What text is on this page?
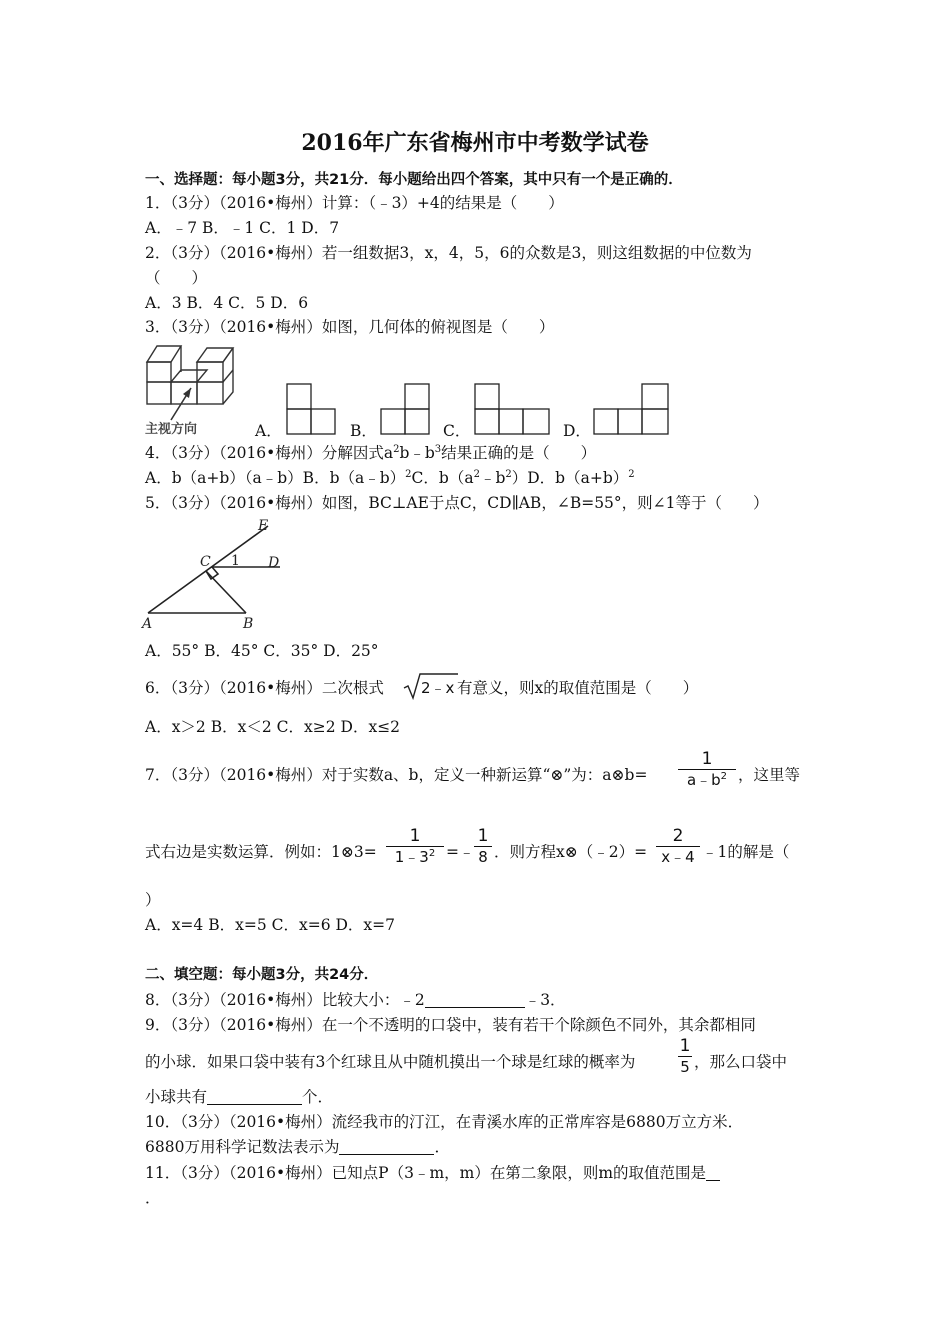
2016年广东省梅州市中考数学试卷
一、选择题：每小题3分，共21分．每小题给出四个答案，其中只有一个是正确的．
1．（3分）（2016•梅州）计算：（﹣3）+4的结果是（　　）
A．﹣7 B．﹣1 C．1 D．7
2．（3分）（2016•梅州）若一组数据3，x，4，5，6的众数是3，则这组数据的中位数为
（　　）
A．3 B．4 C．5 D．6
3．（3分）（2016•梅州）如图，几何体的俯视图是（　　）
主视方向	A．	B．	C．	D．
4．（3分）（2016•梅州）分解因式$a^2b﹣b^3$结果正确的是（　　）
A．b（a+b）（a﹣b）B．b（a﹣b）$^2$C．$b(a^2﹣b^2)D$．$b(a+b)^2$
5．（3分）（2016•梅州）如图，BC⊥AE于点C，CD∥AB，∠B=55°，则∠1等于（　　）
E
C	D
A	B
1
A．55° B．45° C．35° D．25°
6．（3分）（2016•梅州）二次根式 2﹣x 有意义，则x的取值范围是（　　）
A．x＞2 B．x＜2 C．x≥2 D．x≤2
7．（3分）（2016•梅州）对于实数a、b，定义一种新运算“⊗”为：a⊗b=
1
$a﹣b^2$ ，这里等
式右边是实数运算．例如：1⊗3=
1
$1﹣3^2$ =﹣
1
8 ．则方程x⊗（﹣2）=
2
x﹣4 ﹣1的解是（
）
A．x=4 B．x=5 C．x=6 D．x=7
二、填空题：每小题3分，共24分．
8．（3分）（2016•梅州）比较大小：﹣2	﹣3．
9．（3分）（2016•梅州）在一个不透明的口袋中，装有若干个除颜色不同外，其余都相同
的小球．如果口袋中装有3个红球且从中随机摸出一个球是红球的概率为
1
5 ，那么口袋中
小球共有	个．
10．（3分）（2016•梅州）流经我市的汀江，在青溪水库的正常库容是6880万立方米．
6880万用科学记数法表示为	．
11．（3分）（2016•梅州）已知点P（3﹣m，m）在第二象限，则m的取值范围是
．
